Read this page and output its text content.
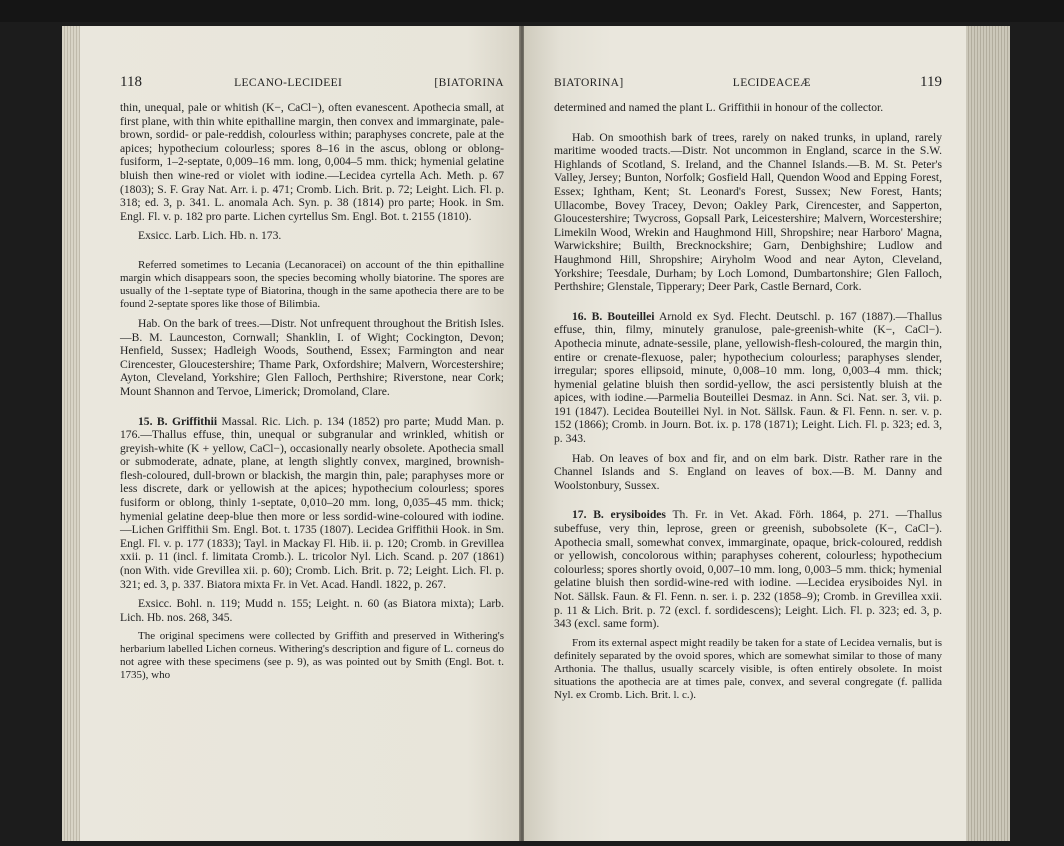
118	LECANO-LECIDEEI	[BIATORINA

thin, unequal, pale or whitish (K−, CaCl−), often evanescent. Apothecia small, at first plane, with thin white epithalline margin, then convex and immarginate, pale-brown, sordid- or pale-reddish, colourless within; paraphyses concrete, pale at the apices; hypothecium colourless; spores 8–16 in the ascus, oblong or oblong-fusiform, 1–2-septate, 0,009–16 mm. long, 0,004–5 mm. thick; hymenial gelatine bluish then wine-red or violet with iodine.—Lecidea cyrtella Ach. Meth. p. 67 (1803); S. F. Gray Nat. Arr. i. p. 471; Cromb. Lich. Brit. p. 72; Leight. Lich. Fl. p. 318; ed. 3, p. 341. L. anomala Ach. Syn. p. 38 (1814) pro parte; Hook. in Sm. Engl. Fl. v. p. 182 pro parte. Lichen cyrtellus Sm. Engl. Bot. t. 2155 (1810).

Exsicc. Larb. Lich. Hb. n. 173.

Referred sometimes to Lecania (Lecanoracei) on account of the thin epithalline margin which disappears soon, the species becoming wholly biatorine. The spores are usually of the 1-septate type of Biatorina, though in the same apothecia there are to be found 2-septate spores like those of Bilimbia.

Hab. On the bark of trees.—Distr. Not unfrequent throughout the British Isles.—B. M. Launceston, Cornwall; Shanklin, I. of Wight; Cockington, Devon; Henfield, Sussex; Hadleigh Woods, Southend, Essex; Farmington and near Cirencester, Gloucestershire; Thame Park, Oxfordshire; Malvern, Worcestershire; Ayton, Cleveland, Yorkshire; Glen Falloch, Perthshire; Riverstone, near Cork; Mount Shannon and Tervoe, Limerick; Dromoland, Clare.

15. B. Griffithii Massal. Ric. Lich. p. 134 (1852) pro parte; Mudd Man. p. 176.—Thallus effuse, thin, unequal or subgranular and wrinkled, whitish or greyish-white (K + yellow, CaCl−), occasionally nearly obsolete. Apothecia small or submoderate, adnate, plane, at length slightly convex, margined, brownish-flesh-coloured, dull-brown or blackish, the margin thin, pale; paraphyses more or less discrete, dark or yellowish at the apices; hypothecium colourless; spores fusiform or oblong, thinly 1-septate, 0,010–20 mm. long, 0,035–45 mm. thick; hymenial gelatine deep-blue then more or less sordid-wine-coloured with iodine.—Lichen Griffithii Sm. Engl. Bot. t. 1735 (1807). Lecidea Griffithii Hook. in Sm. Engl. Fl. v. p. 177 (1833); Tayl. in Mackay Fl. Hib. ii. p. 120; Cromb. in Grevillea xxii. p. 11 (incl. f. limitata Cromb.). L. tricolor Nyl. Lich. Scand. p. 207 (1861) (non With. vide Grevillea xii. p. 60); Cromb. Lich. Brit. p. 72; Leight. Lich. Fl. p. 321; ed. 3, p. 337. Biatora mixta Fr. in Vet. Acad. Handl. 1822, p. 267.

Exsicc. Bohl. n. 119; Mudd n. 155; Leight. n. 60 (as Biatora mixta); Larb. Lich. Hb. nos. 268, 345.

The original specimens were collected by Griffith and preserved in Withering's herbarium labelled Lichen corneus. Withering's description and figure of L. corneus do not agree with these specimens (see p. 9), as was pointed out by Smith (Engl. Bot. t. 1735), who

BIATORINA]	LECIDEACEÆ	119

determined and named the plant L. Griffithii in honour of the collector.

Hab. On smoothish bark of trees, rarely on naked trunks, in upland, rarely maritime wooded tracts.—Distr. Not uncommon in England, scarce in the S.W. Highlands of Scotland, S. Ireland, and the Channel Islands.—B. M. St. Peter's Valley, Jersey; Bunton, Norfolk; Gosfield Hall, Quendon Wood and Epping Forest, Essex; Ightham, Kent; St. Leonard's Forest, Sussex; New Forest, Hants; Ullacombe, Bovey Tracey, Devon; Oakley Park, Cirencester, and Sapperton, Gloucestershire; Twycross, Gopsall Park, Leicestershire; Malvern, Worcestershire; Limekiln Wood, Wrekin and Haughmond Hill, Shropshire; near Harboro' Magna, Warwickshire; Builth, Brecknockshire; Garn, Denbighshire; Ludlow and Haughmond Hill, Shropshire; Airyholm Wood and near Ayton, Cleveland, Yorkshire; Teesdale, Durham; by Loch Lomond, Dumbartonshire; Glen Falloch, Perthshire; Glenstale, Tipperary; Deer Park, Castle Bernard, Cork.

16. B. Bouteillei Arnold ex Syd. Flecht. Deutschl. p. 167 (1887).—Thallus effuse, thin, filmy, minutely granulose, pale-greenish-white (K−, CaCl−). Apothecia minute, adnate-sessile, plane, yellowish-flesh-coloured, the margin thin, entire or crenate-flexuose, paler; hypothecium colourless; paraphyses slender, irregular; spores ellipsoid, minute, 0,008–10 mm. long, 0,003–4 mm. thick; hymenial gelatine bluish then sordid-yellow, the asci persistently bluish at the apices, with iodine.—Parmelia Bouteillei Desmaz. in Ann. Sci. Nat. ser. 3, vii. p. 191 (1847). Lecidea Bouteillei Nyl. in Not. Sällsk. Faun. & Fl. Fenn. n. ser. v. p. 152 (1866); Cromb. in Journ. Bot. ix. p. 178 (1871); Leight. Lich. Fl. p. 323; ed. 3, p. 343.

Hab. On leaves of box and fir, and on elm bark. Distr. Rather rare in the Channel Islands and S. England on leaves of box.—B. M. Danny and Woolstonbury, Sussex.

17. B. erysiboides Th. Fr. in Vet. Akad. Förh. 1864, p. 271. —Thallus subeffuse, very thin, leprose, green or greenish, subobsolete (K−, CaCl−). Apothecia small, somewhat convex, immarginate, opaque, brick-coloured, reddish or yellowish, concolorous within; paraphyses coherent, colourless; hypothecium colourless; spores shortly ovoid, 0,007–10 mm. long, 0,003–5 mm. thick; hymenial gelatine bluish then sordid-wine-red with iodine. —Lecidea erysiboides Nyl. in Not. Sällsk. Faun. & Fl. Fenn. n. ser. i. p. 232 (1858–9); Cromb. in Grevillea xxii. p. 11 & Lich. Brit. p. 72 (excl. f. sordidescens); Leight. Lich. Fl. p. 323; ed. 3, p. 343 (excl. same form).

From its external aspect might readily be taken for a state of Lecidea vernalis, but is definitely separated by the ovoid spores, which are somewhat similar to those of many Arthonia. The thallus, usually scarcely visible, is often entirely obsolete. In moist situations the apothecia are at times pale, convex, and several congregate (f. pallida Nyl. ex Cromb. Lich. Brit. l. c.).
